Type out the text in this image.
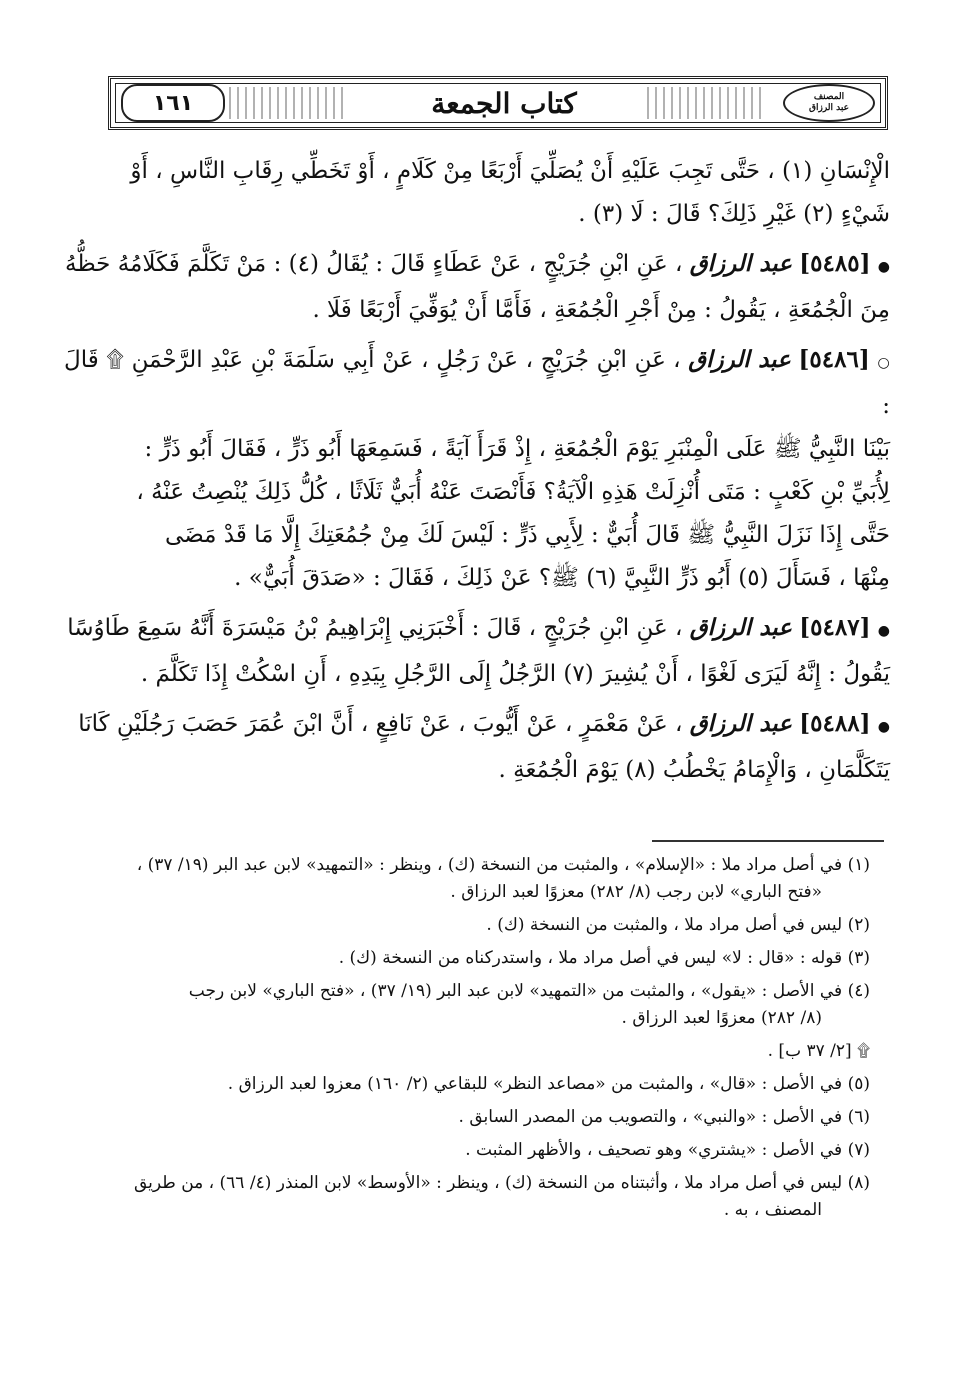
المصنف
عبد الرزاق
كتاب الجمعة
١٦١

الْإِنْسَانِ (١) ، حَتَّى تَجِبَ عَلَيْهِ أَنْ يُصَلِّيَ أَرْبَعًا مِنْ كَلَامٍ ، أَوْ تَخَطِّي رِقَابِ النَّاسِ ، أَوْ

شَيْءٍ (٢) غَيْرِ ذَلِكَ؟ قَالَ : لَا (٣) .

● [٥٤٨٥] عبد الرزاق ، عَنِ ابْنِ جُرَيْجٍ ، عَنْ عَطَاءٍ قَالَ : يُقَالُ (٤) : مَنْ تَكَلَّمَ فَكَلَامُهُ حَظُّهُ

مِنَ الْجُمُعَةِ ، يَقُولُ : مِنْ أَجْرِ الْجُمُعَةِ ، فَأَمَّا أَنْ يُوَفِّيَ أَرْبَعًا فَلَا .

○ [٥٤٨٦] عبد الرزاق ، عَنِ ابْنِ جُرَيْجٍ ، عَنْ رَجُلٍ ، عَنْ أَبِي سَلَمَةَ بْنِ عَبْدِ الرَّحْمَنِ ۩ قَالَ :

بَيْنَا النَّبِيُّ ﷺ عَلَى الْمِنْبَرِ يَوْمَ الْجُمُعَةِ ، إِذْ قَرَأَ آيَةً ، فَسَمِعَهَا أَبُو ذَرٍّ ، فَقَالَ أَبُو ذَرٍّ :

لِأُبَيِّ بْنِ كَعْبٍ : مَتَى أُنْزِلَتْ هَذِهِ الْآيَةُ؟ فَأَنْصَتَ عَنْهُ أُبَيٌّ ثَلَاثًا ، كُلُّ ذَلِكَ يُنْصِتُ عَنْهُ ،

حَتَّى إِذَا نَزَلَ النَّبِيُّ ﷺ قَالَ أُبَيٌّ : لِأَبِي ذَرٍّ : لَيْسَ لَكَ مِنْ جُمُعَتِكَ إِلَّا مَا قَدْ مَضَى

مِنْهَا ، فَسَأَلَ (٥) أَبُو ذَرٍّ النَّبِيَّ (٦) ﷺ؟ عَنْ ذَلِكَ ، فَقَالَ : «صَدَقَ أُبَيٌّ» .

● [٥٤٨٧] عبد الرزاق ، عَنِ ابْنِ جُرَيْجٍ ، قَالَ : أَخْبَرَنِي إِبْرَاهِيمُ بْنُ مَيْسَرَةَ أَنَّهُ سَمِعَ طَاوُسًا

يَقُولُ : إِنَّهُ لَيَرَى لَغْوًا ، أَنْ يُشِيرَ (٧) الرَّجُلُ إِلَى الرَّجُلِ بِيَدِهِ ، أَنِ اسْكُتْ إِذَا تَكَلَّمَ .

● [٥٤٨٨] عبد الرزاق ، عَنْ مَعْمَرٍ ، عَنْ أَيُّوبَ ، عَنْ نَافِعٍ ، أَنَّ ابْنَ عُمَرَ حَصَبَ رَجُلَيْنِ كَانَا

يَتَكَلَّمَانِ ، وَالْإِمَامُ يَخْطُبُ (٨) يَوْمَ الْجُمُعَةِ .

(١) في أصل مراد ملا : «الإسلام» ، والمثبت من النسخة (ك) ، وينظر : «التمهيد» لابن عبد البر (١٩/ ٣٧) ،
«فتح الباري» لابن رجب (٨/ ٢٨٢) معزوًا لعبد الرزاق .
(٢) ليس في أصل مراد ملا ، والمثبت من النسخة (ك) .
(٣) قوله : «قال : لا» ليس في أصل مراد ملا ، واستدركناه من النسخة (ك) .
(٤) في الأصل : «يقول» ، والمثبت من «التمهيد» لابن عبد البر (١٩/ ٣٧) ، «فتح الباري» لابن رجب
(٨/ ٢٨٢) معزوًا لعبد الرزاق .
۩ [٢/ ٣٧ ب] .
(٥) في الأصل : «قال» ، والمثبت من «مصاعد النظر» للبقاعي (٢/ ١٦٠) معزوا لعبد الرزاق .
(٦) في الأصل : «والنبي» ، والتصويب من المصدر السابق .
(٧) في الأصل : «يشتري» وهو تصحيف ، والأظهر المثبت .
(٨) ليس في أصل مراد ملا ، وأثبتناه من النسخة (ك) ، وينظر : «الأوسط» لابن المنذر (٤/ ٦٦) ، من طريق
المصنف ، به .
